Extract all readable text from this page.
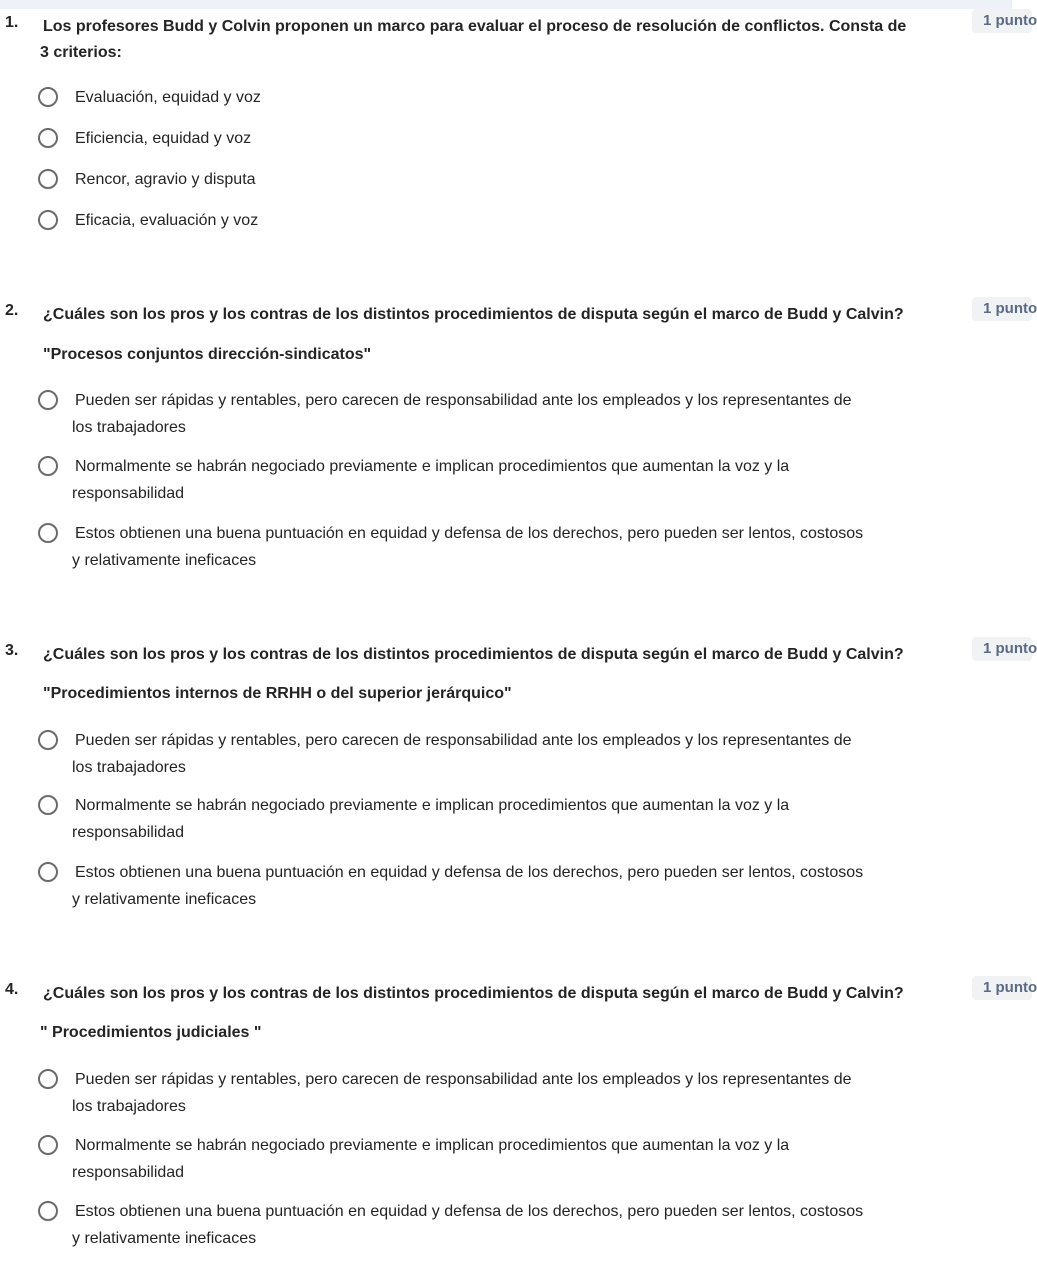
1. Los profesores Budd y Colvin proponen un marco para evaluar el proceso de resolución de conflictos. Consta de
3 criterios:
1 punto
Evaluación, equidad y voz
Eficiencia, equidad y voz
Rencor, agravio y disputa
Eficacia, evaluación y voz
2. ¿Cuáles son los pros y los contras de los distintos procedimientos de disputa según el marco de Budd y Calvin?	1 punto
"Procesos conjuntos dirección-sindicatos"
Pueden ser rápidas y rentables, pero carecen de responsabilidad ante los empleados y los representantes de
los trabajadores
Normalmente se habrán negociado previamente e implican procedimientos que aumentan la voz y la
responsabilidad
Estos obtienen una buena puntuación en equidad y defensa de los derechos, pero pueden ser lentos, costosos
y relativamente ineficaces
3. ¿Cuáles son los pros y los contras de los distintos procedimientos de disputa según el marco de Budd y Calvin?	1 punto
"Procedimientos internos de RRHH o del superior jerárquico"
Pueden ser rápidas y rentables, pero carecen de responsabilidad ante los empleados y los representantes de
los trabajadores
Normalmente se habrán negociado previamente e implican procedimientos que aumentan la voz y la
responsabilidad
Estos obtienen una buena puntuación en equidad y defensa de los derechos, pero pueden ser lentos, costosos
y relativamente ineficaces
4. ¿Cuáles son los pros y los contras de los distintos procedimientos de disputa según el marco de Budd y Calvin?	1 punto
" Procedimientos judiciales "
Pueden ser rápidas y rentables, pero carecen de responsabilidad ante los empleados y los representantes de
los trabajadores
Normalmente se habrán negociado previamente e implican procedimientos que aumentan la voz y la
responsabilidad
Estos obtienen una buena puntuación en equidad y defensa de los derechos, pero pueden ser lentos, costosos
y relativamente ineficaces
